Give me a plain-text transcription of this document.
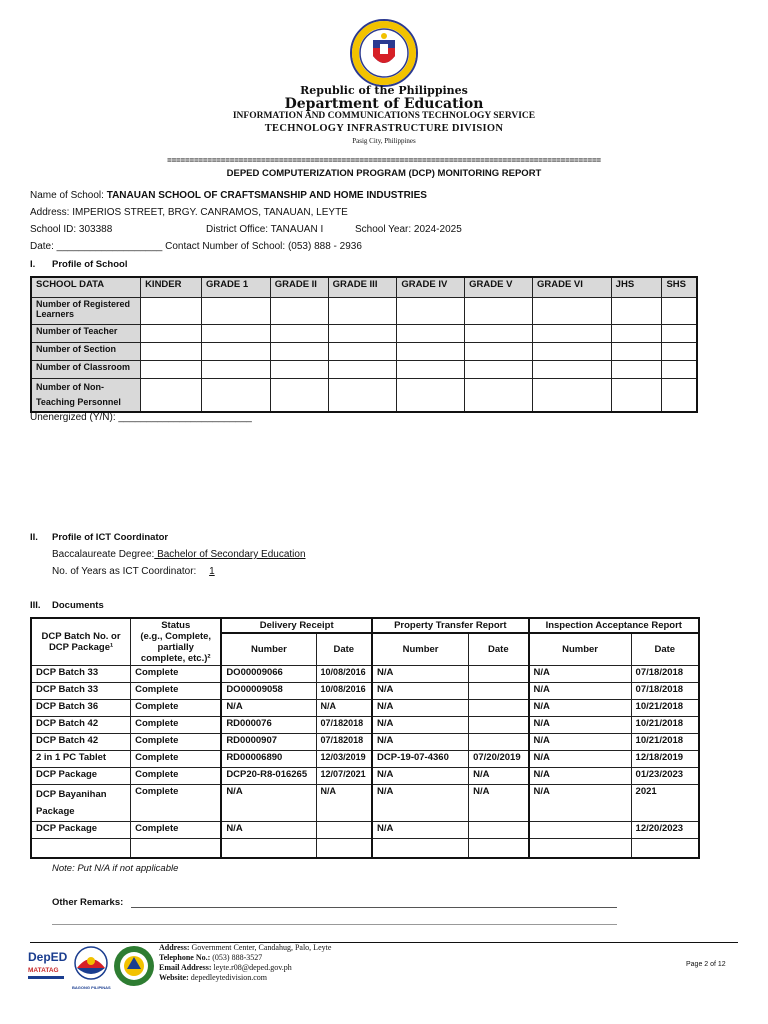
Republic of the Philippines
Department of Education
INFORMATION AND COMMUNICATIONS TECHNOLOGY SERVICE
TECHNOLOGY INFRASTRUCTURE DIVISION
Pasig City, Philippines
=================================================================================================
DEPED COMPUTERIZATION PROGRAM (DCP) MONITORING REPORT
Name of School: TANAUAN SCHOOL OF CRAFTSMANSHIP AND HOME INDUSTRIES
Address: IMPERIOS STREET, BRGY. CANRAMOS, TANAUAN, LEYTE
School ID: 303388	District Office: TANAUAN I	School Year: 2024-2025
Date: ___________________ Contact Number of School: (053) 888 - 2936
I. Profile of School
SCHOOL DATA	KINDER	GRADE 1	GRADE II	GRADE III	GRADE IV	GRADE V	GRADE VI	JHS	SHS
Number of Registered Learners									
Number of Teacher									
Number of Section									
Number of Classroom									
Number of Non-Teaching Personnel									
Unenergized (Y/N): ________________________
II. Profile of ICT Coordinator
Baccalaureate Degree: Bachelor of Secondary Education
No. of Years as ICT Coordinator: 1
III. Documents
DCP Batch No. or DCP Package¹	Status
(e.g., Complete,
partially
complete, etc.)²	Delivery Receipt		Property Transfer Report		Inspection Acceptance Report	
		Number	Date	Number	Date	Number	Date
DCP Batch 33	Complete	DO00009066	10/08/2016	N/A		N/A	07/18/2018
DCP Batch 33	Complete	DO00009058	10/08/2016	N/A		N/A	07/18/2018
DCP Batch 36	Complete	N/A	N/A	N/A		N/A	10/21/2018
DCP Batch 42	Complete	RD000076	07/182018	N/A		N/A	10/21/2018
DCP Batch 42	Complete	RD0000907	07/182018	N/A		N/A	10/21/2018
2 in 1 PC Tablet	Complete	RD00006890	12/03/2019	DCP-19-07-4360	07/20/2019	N/A	12/18/2019
DCP Package	Complete	DCP20-R8-016265	12/07/2021	N/A	N/A	N/A	01/23/2023
DCP Bayanihan Package	Complete	N/A	N/A	N/A	N/A	N/A	2021
DCP Package	Complete	N/A		N/A			12/20/2023

Note: Put N/A if not applicable
Other Remarks:
DepED
MATATAG
BAGONG PILIPINAS
Address: Government Center, Candahug, Palo, Leyte
Telephone No.: (053) 888-3527
Email Address: leyte.r08@deped.gov.ph
Website: depedleytedivision.com
Page 2 of 12
